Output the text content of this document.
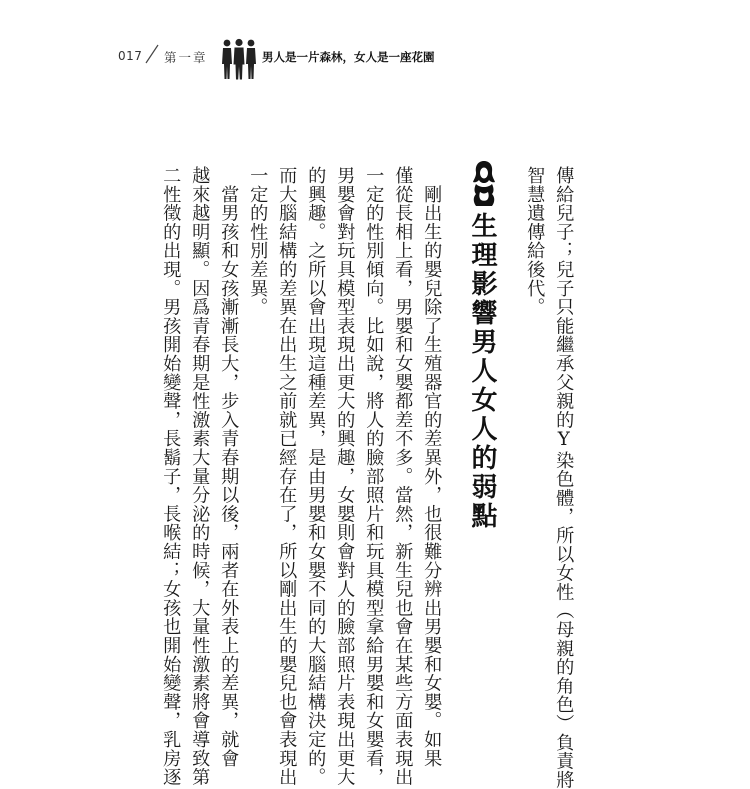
017 第一章	男人是一片森林，女人是一座花園
傳給兒子；兒子只能繼承父親的Y染色體，所以女性（母親的角色）負責將
智慧遺傳給後代。
生理影響男人女人的弱點
　剛出生的嬰兒除了生殖器官的差異外，也很難分辨出男嬰和女嬰。如果
僅從長相上看，男嬰和女嬰都差不多。當然，新生兒也會在某些方面表現出
一定的性別傾向。比如說，將人的臉部照片和玩具模型拿給男嬰和女嬰看，
男嬰會對玩具模型表現出更大的興趣，女嬰則會對人的臉部照片表現出更大
的興趣。之所以會出現這種差異，是由男嬰和女嬰不同的大腦結構決定的。
而大腦結構的差異在出生之前就已經存在了，所以剛出生的嬰兒也會表現出
一定的性別差異。
　當男孩和女孩漸漸長大，步入青春期以後，兩者在外表上的差異，就會
越來越明顯。因爲青春期是性激素大量分泌的時候，大量性激素將會導致第
二性徵的出現。男孩開始變聲，長鬍子，長喉結；女孩也開始變聲，乳房逐
